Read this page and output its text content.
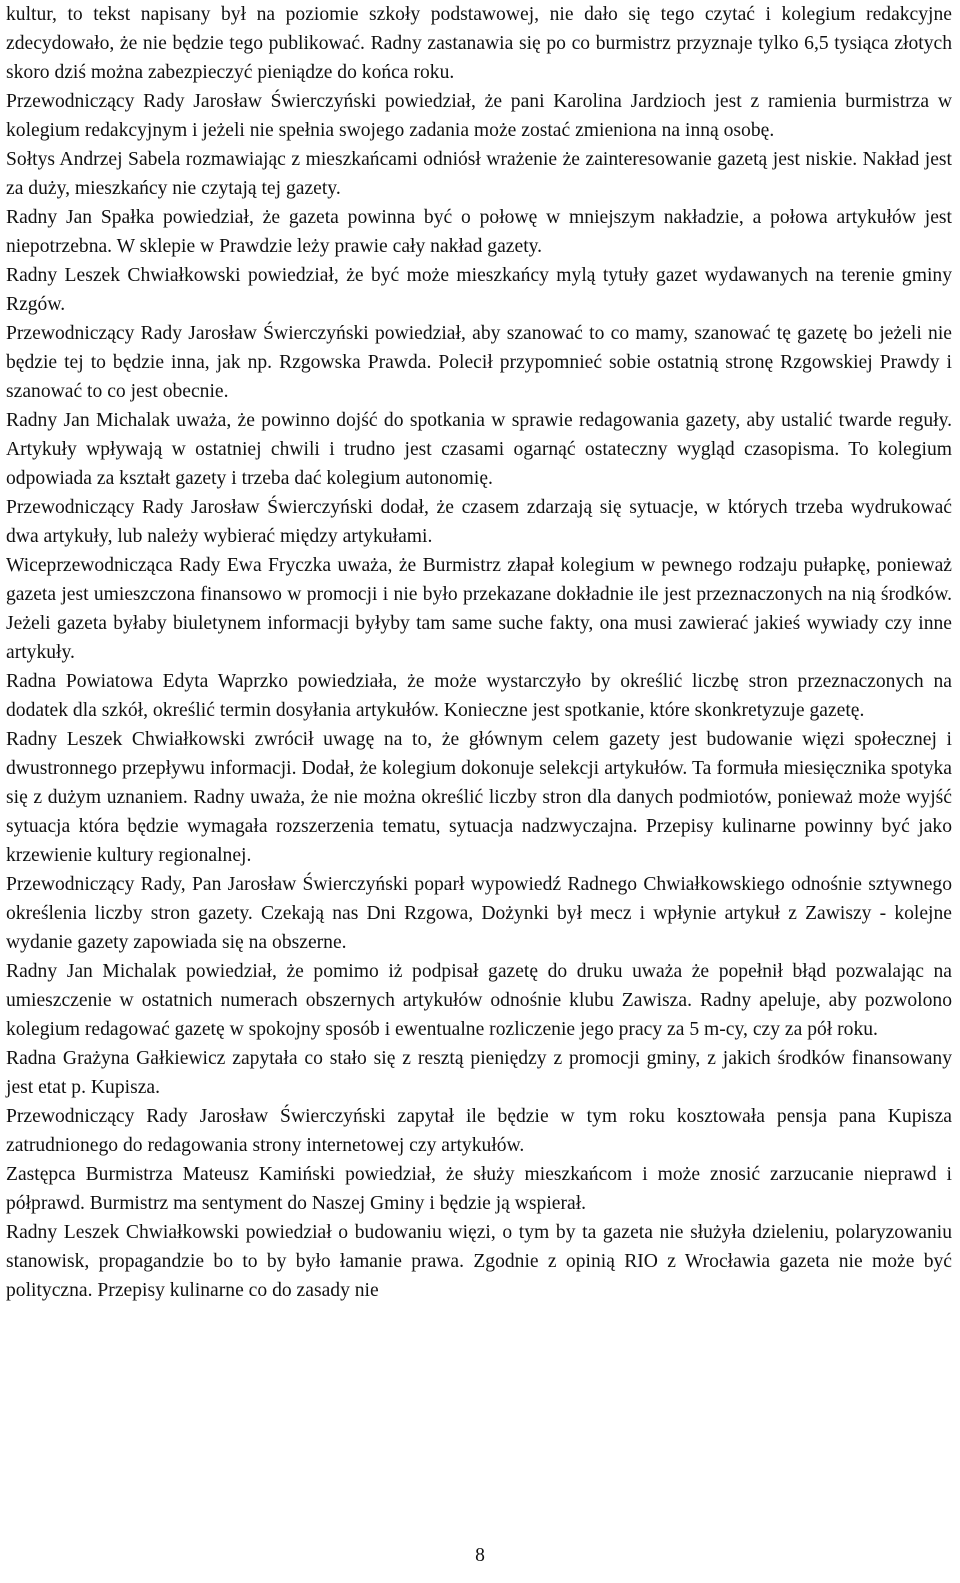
kultur, to tekst napisany był na poziomie szkoły podstawowej, nie dało się tego czytać i kolegium redakcyjne zdecydowało, że nie będzie tego publikować. Radny zastanawia się po co burmistrz przyznaje tylko 6,5 tysiąca złotych skoro dziś można zabezpieczyć pieniądze do końca roku.

Przewodniczący Rady Jarosław Świerczyński powiedział, że pani Karolina Jardzioch jest z ramienia burmistrza w kolegium redakcyjnym i jeżeli nie spełnia swojego zadania może zostać zmieniona na inną osobę.

Sołtys Andrzej Sabela rozmawiając z mieszkańcami odniósł wrażenie że zainteresowanie gazetą jest niskie. Nakład jest za duży, mieszkańcy nie czytają tej gazety.

Radny Jan Spałka powiedział, że gazeta powinna być o połowę w mniejszym nakładzie, a połowa artykułów jest niepotrzebna. W sklepie w Prawdzie leży prawie cały nakład gazety.

Radny Leszek Chwiałkowski powiedział, że być może mieszkańcy mylą tytuły gazet wydawanych na terenie gminy Rzgów.

Przewodniczący Rady Jarosław Świerczyński powiedział, aby szanować to co mamy, szanować tę gazetę bo jeżeli nie będzie tej to będzie inna, jak np. Rzgowska Prawda. Polecił przypomnieć sobie ostatnią stronę Rzgowskiej Prawdy i szanować to co jest obecnie.

Radny Jan Michalak uważa, że powinno dojść do spotkania w sprawie redagowania gazety, aby ustalić twarde reguły. Artykuły wpływają w ostatniej chwili i trudno jest czasami ogarnąć ostateczny wygląd czasopisma. To kolegium odpowiada za kształt gazety i trzeba dać kolegium autonomię.

Przewodniczący Rady Jarosław Świerczyński dodał, że czasem zdarzają się sytuacje, w których trzeba wydrukować dwa artykuły, lub należy wybierać między artykułami.

Wiceprzewodnicząca Rady Ewa Fryczka uważa, że Burmistrz złapał kolegium w pewnego rodzaju pułapkę, ponieważ gazeta jest umieszczona finansowo w promocji i nie było przekazane dokładnie ile jest przeznaczonych na nią środków. Jeżeli gazeta byłaby biuletynem informacji byłyby tam same suche fakty, ona musi zawierać jakieś wywiady czy inne artykuły.

Radna Powiatowa Edyta Waprzko powiedziała, że może wystarczyło by określić liczbę stron przeznaczonych na dodatek dla szkół, określić termin dosyłania artykułów. Konieczne jest spotkanie, które skonkretyzuje gazetę.

Radny Leszek Chwiałkowski zwrócił uwagę na to, że głównym celem gazety jest budowanie więzi społecznej i dwustronnego przepływu informacji. Dodał, że kolegium dokonuje selekcji artykułów. Ta formuła miesięcznika spotyka się z dużym uznaniem. Radny uważa, że nie można określić liczby stron dla danych podmiotów, ponieważ może wyjść sytuacja która będzie wymagała rozszerzenia tematu, sytuacja nadzwyczajna. Przepisy kulinarne powinny być jako krzewienie kultury regionalnej.

Przewodniczący Rady, Pan Jarosław Świerczyński poparł wypowiedź Radnego Chwiałkowskiego odnośnie sztywnego określenia liczby stron gazety. Czekają nas Dni Rzgowa, Dożynki był mecz i wpłynie artykuł z Zawiszy - kolejne wydanie gazety zapowiada się na obszerne.

Radny Jan Michalak powiedział, że pomimo iż podpisał gazetę do druku uważa że popełnił błąd pozwalając na umieszczenie w ostatnich numerach obszernych artykułów odnośnie klubu Zawisza. Radny apeluje, aby pozwolono kolegium redagować gazetę w spokojny sposób i ewentualne rozliczenie jego pracy za 5 m-cy, czy za pół roku.

Radna Grażyna Gałkiewicz zapytała co stało się z resztą pieniędzy z promocji gminy, z jakich środków finansowany jest etat p. Kupisza.

Przewodniczący Rady Jarosław Świerczyński zapytał ile będzie w tym roku kosztowała pensja pana Kupisza zatrudnionego do redagowania strony internetowej czy artykułów.

Zastępca Burmistrza Mateusz Kamiński powiedział, że służy mieszkańcom i może znosić zarzucanie nieprawd i półprawd. Burmistrz ma sentyment do Naszej Gminy i będzie ją wspierał.

Radny Leszek Chwiałkowski powiedział o budowaniu więzi, o tym by ta gazeta nie służyła dzieleniu, polaryzowaniu stanowisk, propagandzie bo to by było łamanie prawa. Zgodnie z opinią RIO z Wrocławia gazeta nie może być polityczna. Przepisy kulinarne co do zasady nie

8
